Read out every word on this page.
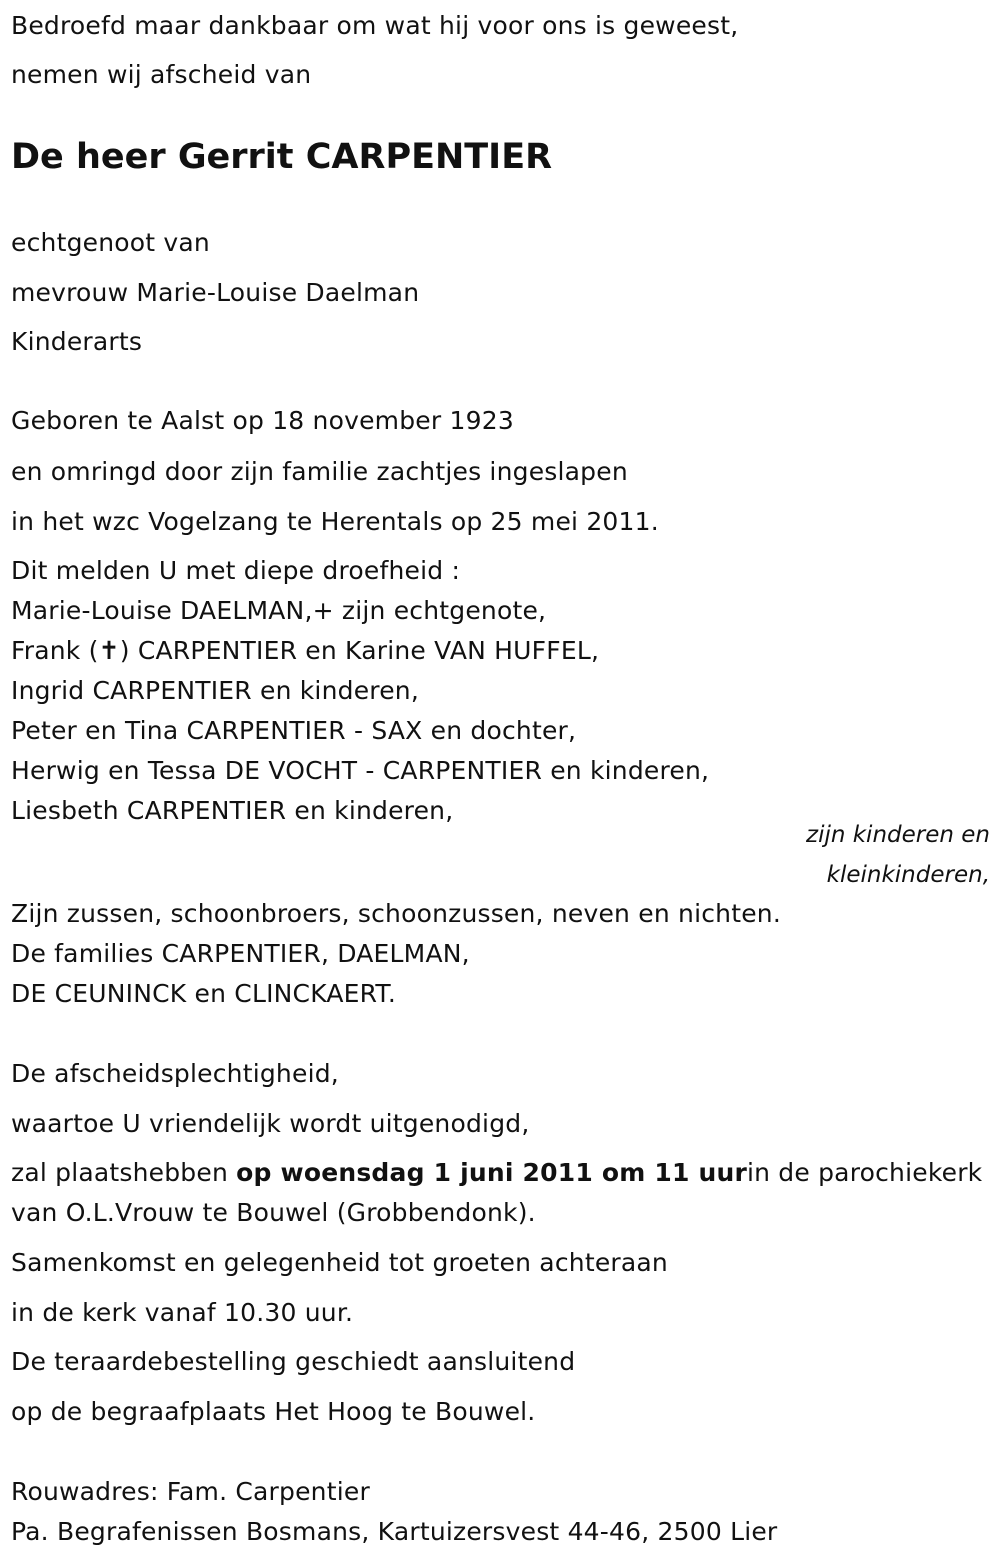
Bedroefd maar dankbaar om wat hij voor ons is geweest,
nemen wij afscheid van
De heer Gerrit CARPENTIER
echtgenoot van
mevrouw Marie-Louise Daelman
Kinderarts
Geboren te Aalst op 18 november 1923
en omringd door zijn familie zachtjes ingeslapen
in het wzc Vogelzang te Herentals op 25 mei 2011.
Dit melden U met diepe droefheid :
Marie-Louise DAELMAN,+ zijn echtgenote,
Frank (✝) CARPENTIER en Karine VAN HUFFEL,
Ingrid CARPENTIER en kinderen,
Peter en Tina CARPENTIER - SAX en dochter,
Herwig en Tessa DE VOCHT - CARPENTIER en kinderen,
Liesbeth CARPENTIER en kinderen,
zijn kinderen en
kleinkinderen,
Zijn zussen, schoonbroers, schoonzussen, neven en nichten.
De families CARPENTIER, DAELMAN,
DE CEUNINCK en CLINCKAERT.
De afscheidsplechtigheid,
waartoe U vriendelijk wordt uitgenodigd,
zal plaatshebben op woensdag 1 juni 2011 om 11 uurin de parochiekerk
van O.L.Vrouw te Bouwel (Grobbendonk).
Samenkomst en gelegenheid tot groeten achteraan
in de kerk vanaf 10.30 uur.
De teraardebestelling geschiedt aansluitend
op de begraafplaats Het Hoog te Bouwel.
Rouwadres: Fam. Carpentier
Pa. Begrafenissen Bosmans, Kartuizersvest 44-46, 2500 Lier
